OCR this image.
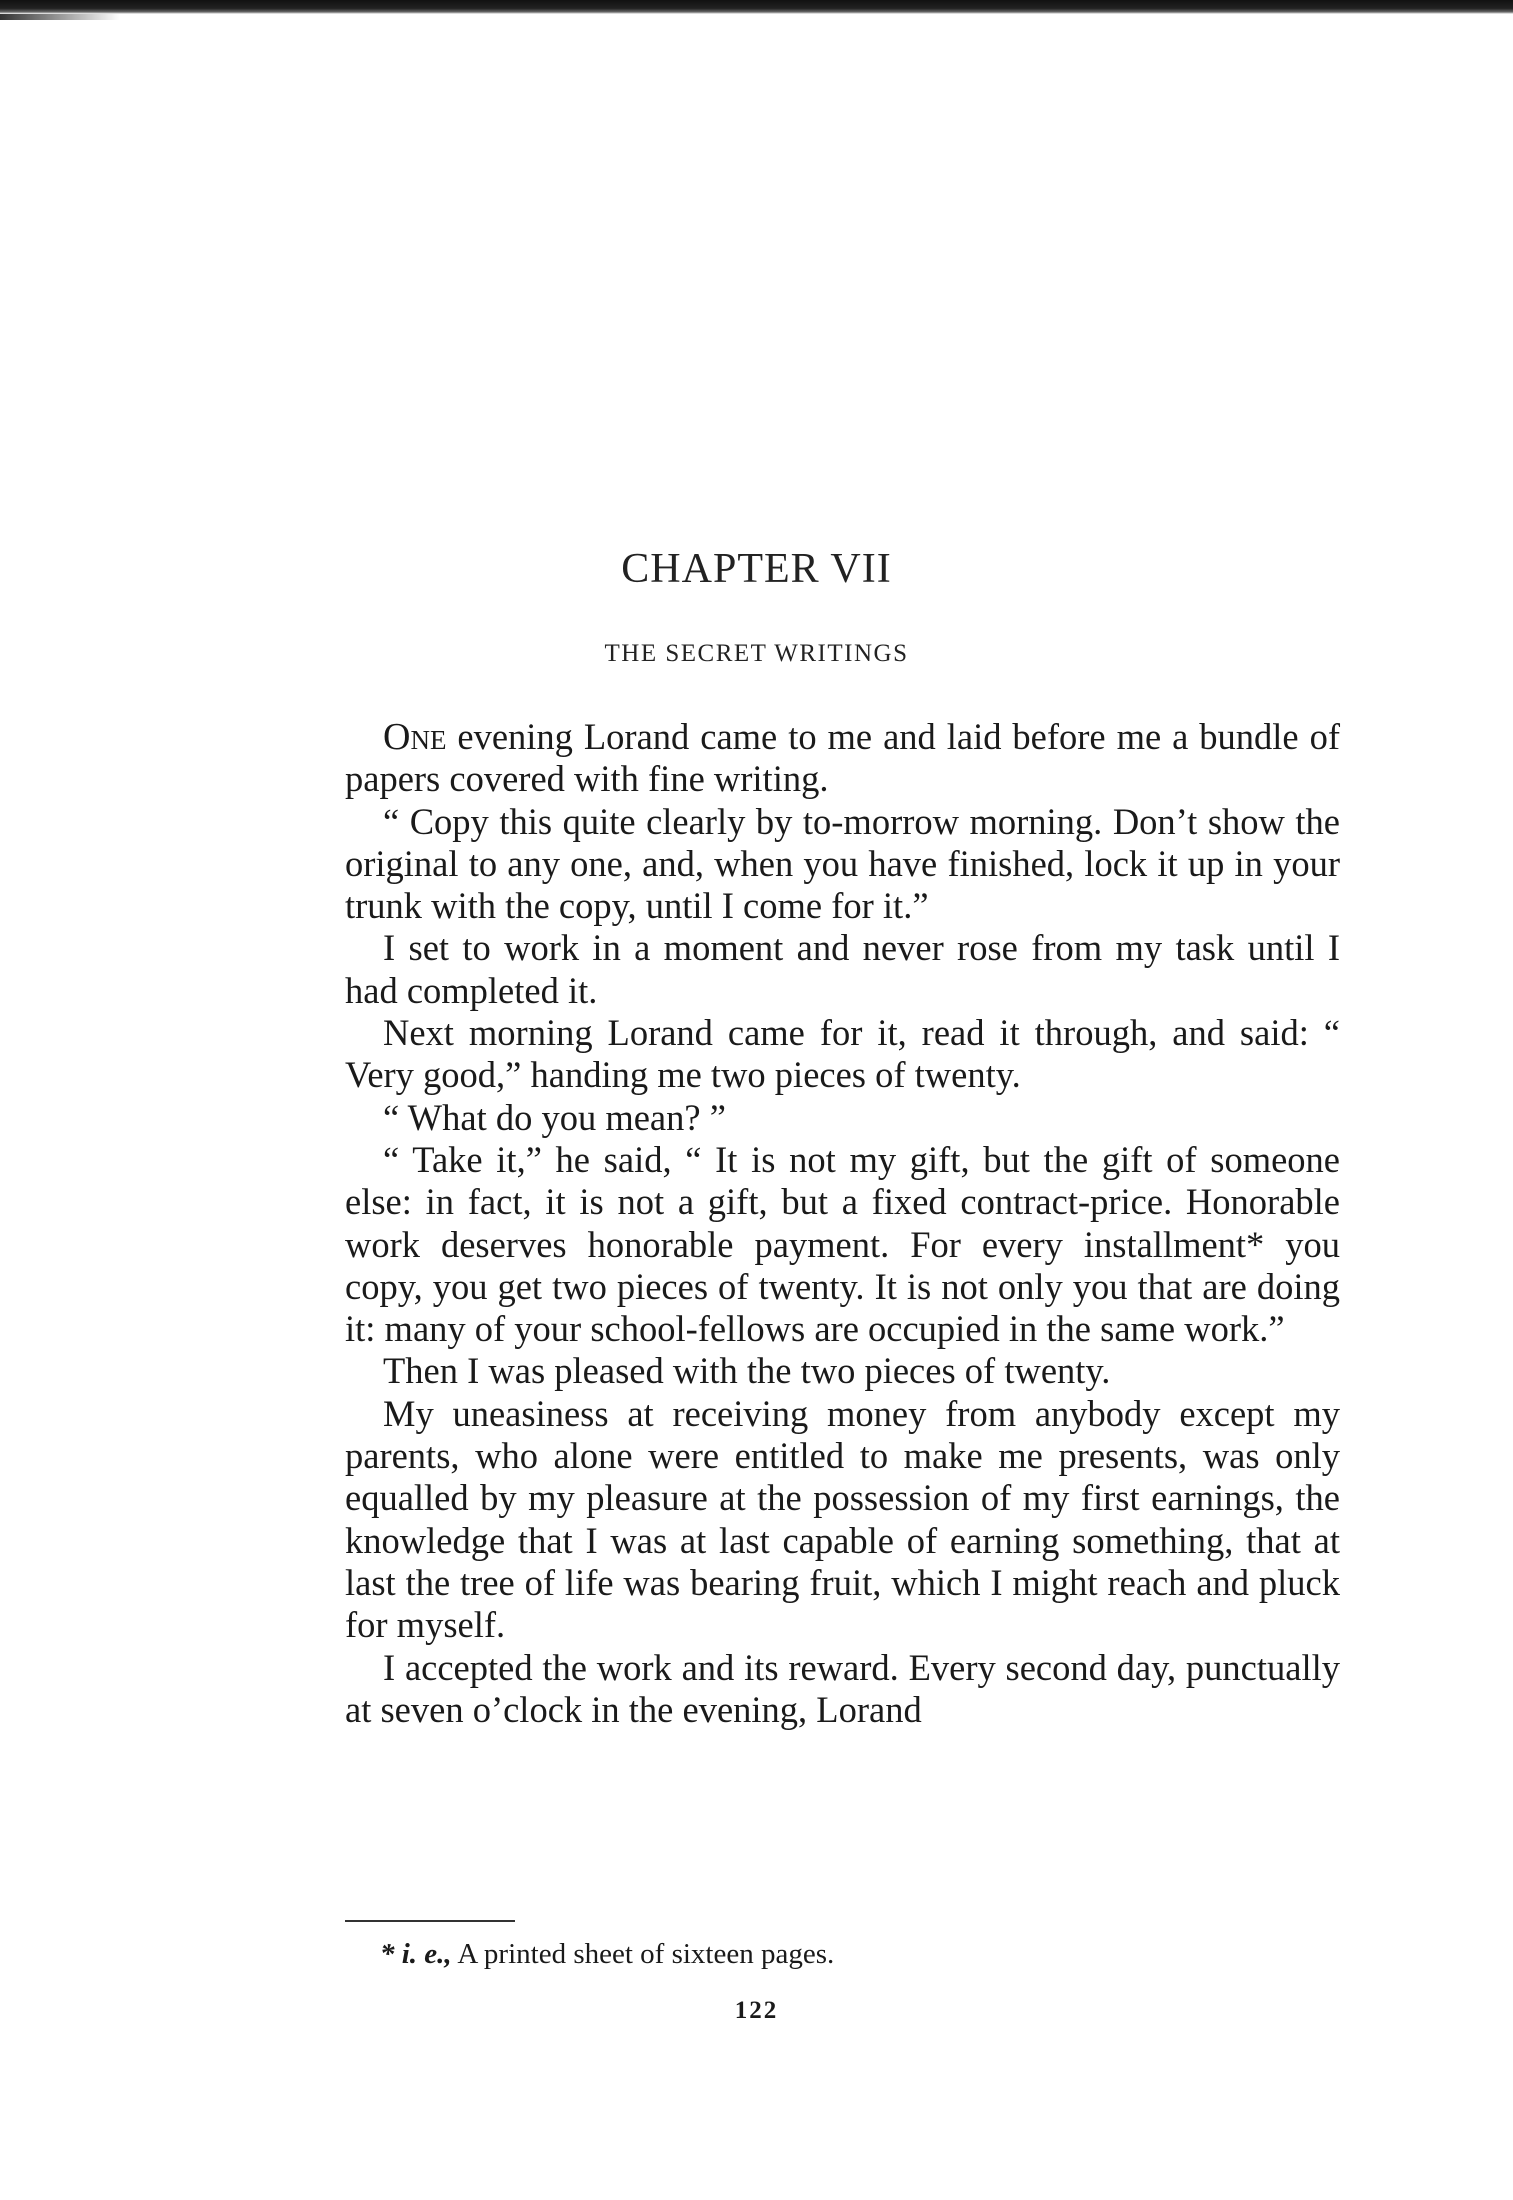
CHAPTER VII
THE SECRET WRITINGS

One evening Lorand came to me and laid before me a bundle of papers covered with fine writing.

“ Copy this quite clearly by to-morrow morning. Don’t show the original to any one, and, when you have finished, lock it up in your trunk with the copy, until I come for it.”

I set to work in a moment and never rose from my task until I had completed it.

Next morning Lorand came for it, read it through, and said: “ Very good,” handing me two pieces of twenty.

“ What do you mean? ”

“ Take it,” he said, “ It is not my gift, but the gift of someone else: in fact, it is not a gift, but a fixed contract-price. Honorable work deserves honorable payment. For every installment* you copy, you get two pieces of twenty. It is not only you that are doing it: many of your school-fellows are occupied in the same work.”

Then I was pleased with the two pieces of twenty.

My uneasiness at receiving money from anybody except my parents, who alone were entitled to make me presents, was only equalled by my pleasure at the possession of my first earnings, the knowledge that I was at last capable of earning something, that at last the tree of life was bearing fruit, which I might reach and pluck for myself.

I accepted the work and its reward. Every second day, punctually at seven o’clock in the evening, Lorand

* i. e., A printed sheet of sixteen pages.
122
